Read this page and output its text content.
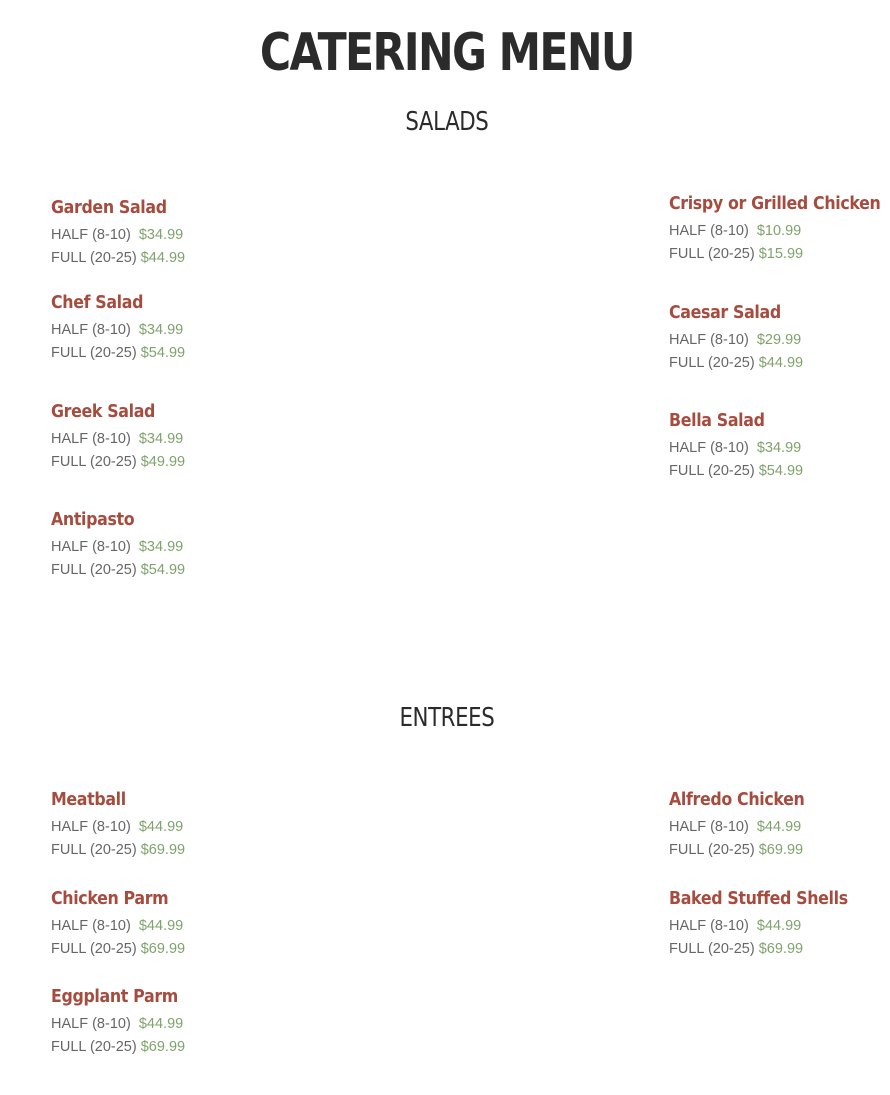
CATERING MENU
SALADS
Garden Salad
HALF (8-10) $34.99
FULL (20-25) $44.99
Chef Salad
HALF (8-10) $34.99
FULL (20-25) $54.99
Greek Salad
HALF (8-10) $34.99
FULL (20-25) $49.99
Antipasto
HALF (8-10) $34.99
FULL (20-25) $54.99
Crispy or Grilled Chicken
HALF (8-10) $10.99
FULL (20-25) $15.99
Caesar Salad
HALF (8-10) $29.99
FULL (20-25) $44.99
Bella Salad
HALF (8-10) $34.99
FULL (20-25) $54.99
ENTREES
Meatball
HALF (8-10) $44.99
FULL (20-25) $69.99
Chicken Parm
HALF (8-10) $44.99
FULL (20-25) $69.99
Eggplant Parm
HALF (8-10) $44.99
FULL (20-25) $69.99
Alfredo Chicken
HALF (8-10) $44.99
FULL (20-25) $69.99
Baked Stuffed Shells
HALF (8-10) $44.99
FULL (20-25) $69.99
